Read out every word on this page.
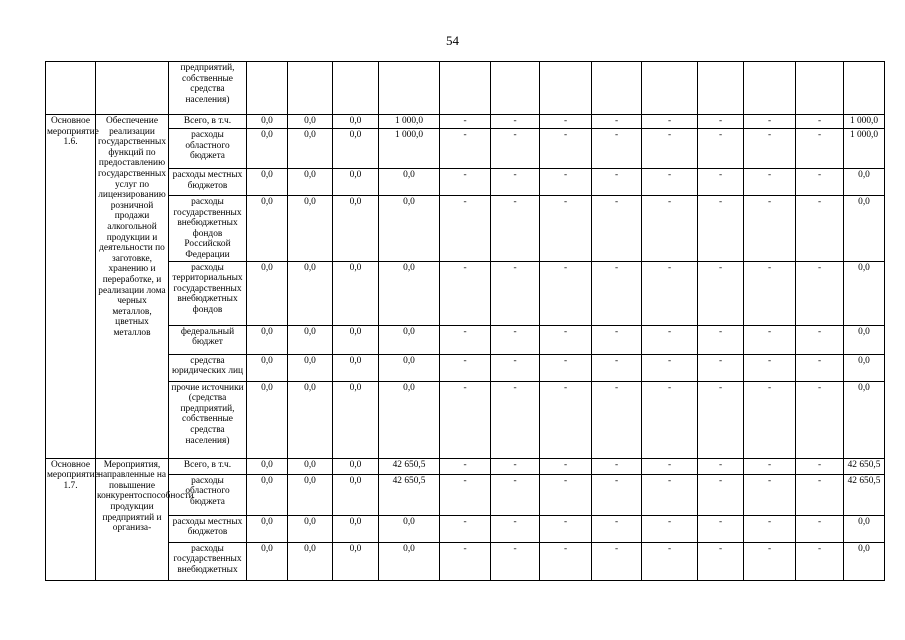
54
		предприятий, собственные средства населения)													
Основное мероприятие 1.6.	Обеспечение реализации государственных функций по предоставлению государственных услуг по лицензированию розничной продажи алкогольной продукции и деятельности по заготовке, хранению и переработке, и реализации лома черных металлов, цветных металлов	Всего, в т.ч.	0,0	0,0	0,0	1 000,0	-	-	-	-	-	-	-	-	1 000,0
		расходы областного бюджета	0,0	0,0	0,0	1 000,0	-	-	-	-	-	-	-	-	1 000,0
		расходы местных бюджетов	0,0	0,0	0,0	0,0	-	-	-	-	-	-	-	-	0,0
		расходы государственных внебюджетных фондов Российской Федерации	0,0	0,0	0,0	0,0	-	-	-	-	-	-	-	-	0,0
		расходы территориальных государственных внебюджетных фондов	0,0	0,0	0,0	0,0	-	-	-	-	-	-	-	-	0,0
		федеральный бюджет	0,0	0,0	0,0	0,0	-	-	-	-	-	-	-	-	0,0
		средства юридических лиц	0,0	0,0	0,0	0,0	-	-	-	-	-	-	-	-	0,0
		прочие источники (средства предприятий, собственные средства населения)	0,0	0,0	0,0	0,0	-	-	-	-	-	-	-	-	0,0
Основное мероприятие 1.7.	Мероприятия, направленные на повышение конкурентоспособности продукции предприятий и организа-	Всего, в т.ч.	0,0	0,0	0,0	42 650,5	-	-	-	-	-	-	-	-	42 650,5
		расходы областного бюджета	0,0	0,0	0,0	42 650,5	-	-	-	-	-	-	-	-	42 650,5
		расходы местных бюджетов	0,0	0,0	0,0	0,0	-	-	-	-	-	-	-	-	0,0
		расходы государственных внебюджетных	0,0	0,0	0,0	0,0	-	-	-	-	-	-	-	-	0,0
